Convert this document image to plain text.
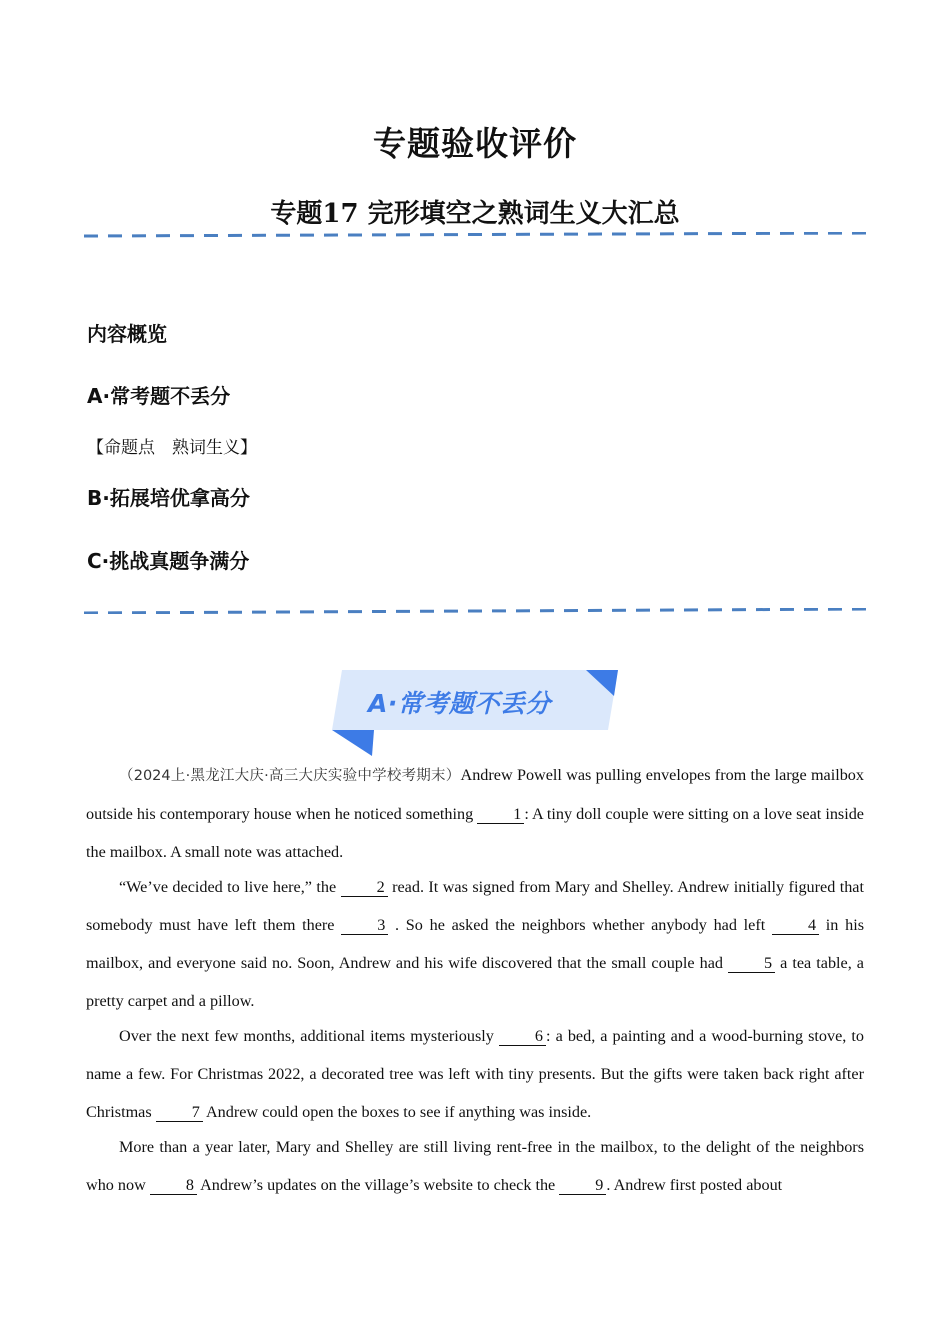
专题验收评价
专题17 完形填空之熟词生义大汇总
内容概览
A·常考题不丢分
【命题点　熟词生义】
B·拓展培优拿高分
C·挑战真题争满分
A·常考题不丢分

（2024上·黑龙江大庆·高三大庆实验中学校考期末）Andrew Powell was pulling envelopes from the large mailbox outside his contemporary house when he noticed something 1 : A tiny doll couple were sitting on a love seat inside the mailbox. A small note was attached.

“We’ve decided to live here,” the 2 read. It was signed from Mary and Shelley. Andrew initially figured that somebody must have left them there 3 . So he asked the neighbors whether anybody had left 4 in his mailbox, and everyone said no. Soon, Andrew and his wife discovered that the small couple had 5 a tea table, a pretty carpet and a pillow.

Over the next few months, additional items mysteriously 6 : a bed, a painting and a wood-burning stove, to name a few. For Christmas 2022, a decorated tree was left with tiny presents. But the gifts were taken back right after Christmas 7 Andrew could open the boxes to see if anything was inside.

More than a year later, Mary and Shelley are still living rent-free in the mailbox, to the delight of the neighbors who now 8 Andrew’s updates on the village’s website to check the 9 . Andrew first posted about
